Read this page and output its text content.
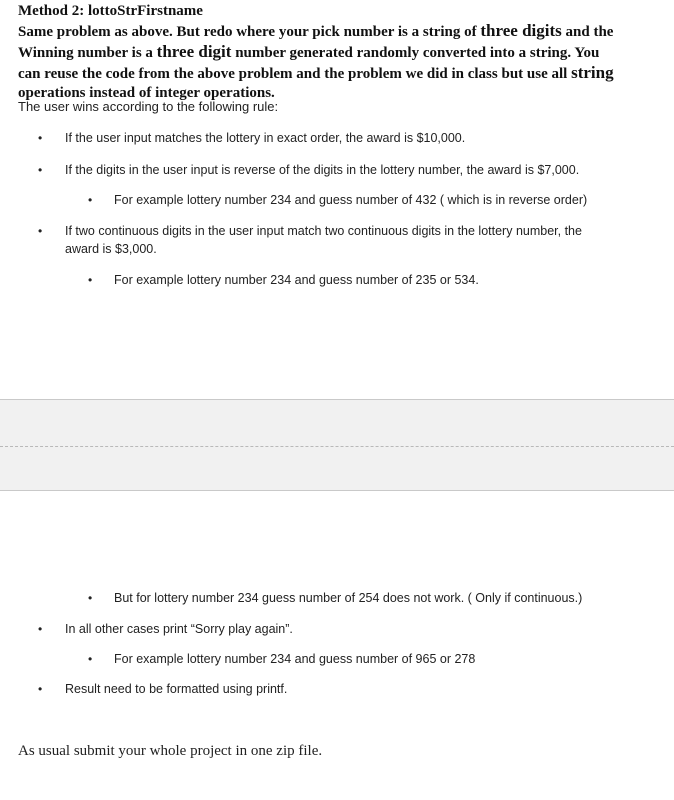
Method 2: lottoStrFirstname
Same problem as above. But redo where your pick number is a string of three digits and the
Winning number is a three digit number generated randomly converted into a string. You
can reuse the code from the above problem and the problem we did in class but use all string
operations instead of integer operations.
The user wins according to the following rule:
• If the user input matches the lottery in exact order, the award is $10,000.
• If the digits in the user input is reverse of the digits in the lottery number, the award is $7,000.
• For example lottery number 234 and guess number of 432 ( which is in reverse order)
• If two continuous digits in the user input match two continuous digits in the lottery number, the
award is $3,000.
• For example lottery number 234 and guess number of 235 or 534.
• But for lottery number 234 guess number of 254 does not work. ( Only if continuous.)
• In all other cases print “Sorry play again”.
• For example lottery number 234 and guess number of 965 or 278
• Result need to be formatted using printf.
As usual submit your whole project in one zip file.
